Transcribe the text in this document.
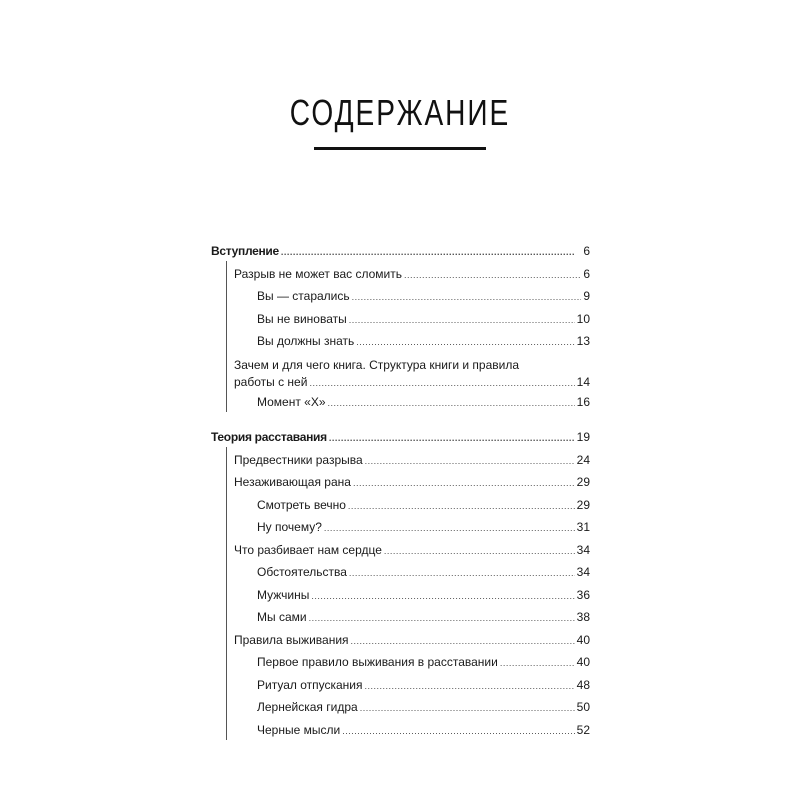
СОДЕРЖАНИЕ
Вступление . . .	6
Разрыв не может вас сломить . . .	6
Вы — старались . . .	9
Вы не виноваты . . .	10
Вы должны знать . . .	13
Зачем и для чего книга. Структура книги и правила
работы с ней . . .	14
Момент «Х» . . .	16
Теория расставания . . .	19
Предвестники разрыва . . .	24
Незаживающая рана . . .	29
Смотреть вечно . . .	29
Ну почему? . . .	31
Что разбивает нам сердце . . .	34
Обстоятельства . . .	34
Мужчины . . .	36
Мы сами . . .	38
Правила выживания . . .	40
Первое правило выживания в расставании . . .	40
Ритуал отпускания . . .	48
Лернейская гидра . . .	50
Черные мысли . . .	52
